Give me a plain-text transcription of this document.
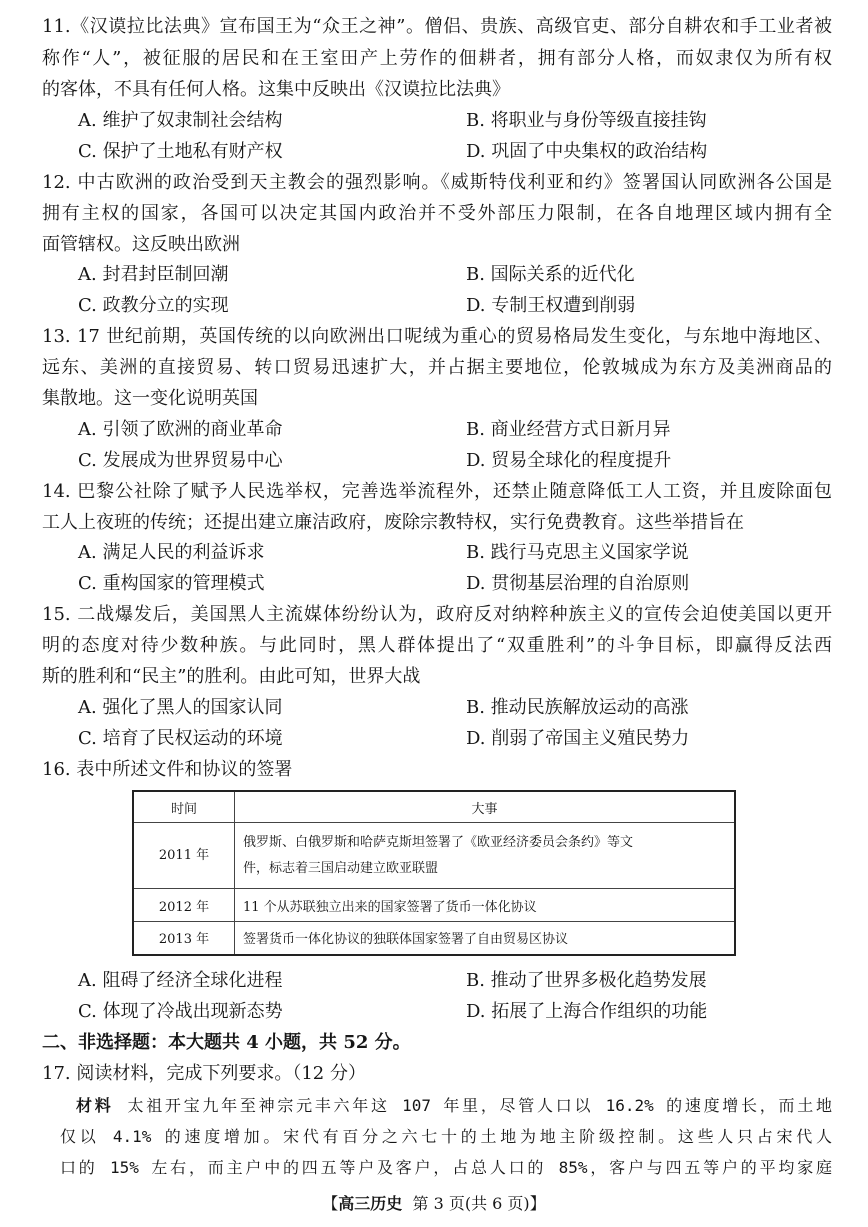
11.《汉谟拉比法典》宣布国王为“众王之神”。僧侣、贵族、高级官吏、部分自耕农和手工业者被
称作“人”，被征服的居民和在王室田产上劳作的佃耕者，拥有部分人格，而奴隶仅为所有权
的客体，不具有任何人格。这集中反映出《汉谟拉比法典》
A. 维护了奴隶制社会结构	B. 将职业与身份等级直接挂钩
C. 保护了土地私有财产权	D. 巩固了中央集权的政治结构
12. 中古欧洲的政治受到天主教会的强烈影响。《威斯特伐利亚和约》签署国认同欧洲各公国是
拥有主权的国家，各国可以决定其国内政治并不受外部压力限制，在各自地理区域内拥有全
面管辖权。这反映出欧洲
A. 封君封臣制回潮	B. 国际关系的近代化
C. 政教分立的实现	D. 专制王权遭到削弱
13. 17 世纪前期，英国传统的以向欧洲出口呢绒为重心的贸易格局发生变化，与东地中海地区、
远东、美洲的直接贸易、转口贸易迅速扩大，并占据主要地位，伦敦城成为东方及美洲商品的
集散地。这一变化说明英国
A. 引领了欧洲的商业革命	B. 商业经营方式日新月异
C. 发展成为世界贸易中心	D. 贸易全球化的程度提升
14. 巴黎公社除了赋予人民选举权，完善选举流程外，还禁止随意降低工人工资，并且废除面包
工人上夜班的传统；还提出建立廉洁政府，废除宗教特权，实行免费教育。这些举措旨在
A. 满足人民的利益诉求	B. 践行马克思主义国家学说
C. 重构国家的管理模式	D. 贯彻基层治理的自治原则
15. 二战爆发后，美国黑人主流媒体纷纷认为，政府反对纳粹种族主义的宣传会迫使美国以更开
明的态度对待少数种族。与此同时，黑人群体提出了“双重胜利”的斗争目标，即赢得反法西
斯的胜利和“民主”的胜利。由此可知，世界大战
A. 强化了黑人的国家认同	B. 推动民族解放运动的高涨
C. 培育了民权运动的环境	D. 削弱了帝国主义殖民势力
16. 表中所述文件和协议的签署
时间	大事
2011 年	俄罗斯、白俄罗斯和哈萨克斯坦签署了《欧亚经济委员会条约》等文
件，标志着三国启动建立欧亚联盟

2012 年	11 个从苏联独立出来的国家签署了货币一体化协议
2013 年	签署货币一体化协议的独联体国家签署了自由贸易区协议
A. 阻碍了经济全球化进程	B. 推动了世界多极化趋势发展
C. 体现了冷战出现新态势	D. 拓展了上海合作组织的功能
二、非选择题：本大题共 4 小题，共 52 分。
17. 阅读材料，完成下列要求。（12 分）
材料 太祖开宝九年至神宗元丰六年这 107 年里，尽管人口以 16.2% 的速度增长，而土地
仅以 4.1% 的速度增加。宋代有百分之六七十的土地为地主阶级控制。这些人只占宋代人
口的 15% 左右，而主户中的四五等户及客户，占总人口的 85%，客户与四五等户的平均家庭
【高三历史 第 3 页(共 6 页)】
